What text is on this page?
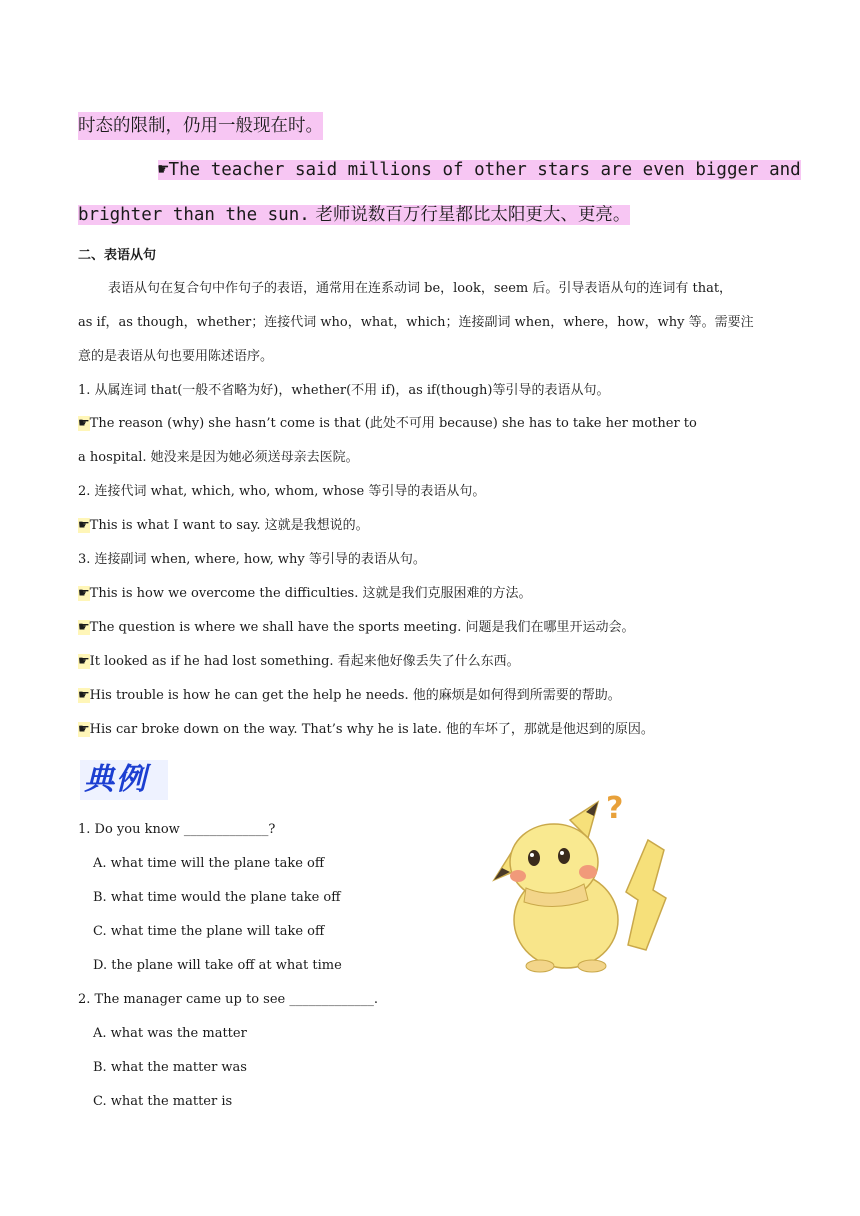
时态的限制，仍用一般现在时。
☛The teacher said millions of other stars are even bigger and
brighter than the sun. 老师说数百万行星都比太阳更大、更亮。
二、表语从句
表语从句在复合句中作句子的表语，通常用在连系动词 be，look，seem 后。引导表语从句的连词有 that，
as if，as though，whether；连接代词 who，what，which；连接副词 when，where，how，why 等。需要注
意的是表语从句也要用陈述语序。
1. 从属连词 that(一般不省略为好)，whether(不用 if)，as if(though)等引导的表语从句。
☛The reason (why) she hasn’t come is that (此处不可用 because) she has to take her mother to
a hospital. 她没来是因为她必须送母亲去医院。
2. 连接代词 what, which, who, whom, whose 等引导的表语从句。
☛This is what I want to say. 这就是我想说的。
3. 连接副词 when, where, how, why 等引导的表语从句。
☛This is how we overcome the difficulties. 这就是我们克服困难的方法。
☛The question is where we shall have the sports meeting. 问题是我们在哪里开运动会。
☛It looked as if he had lost something. 看起来他好像丢失了什么东西。
☛His trouble is how he can get the help he needs. 他的麻烦是如何得到所需要的帮助。
☛His car broke down on the way. That’s why he is late. 他的车坏了，那就是他迟到的原因。
典例
1. Do you know _____________?
A. what time will the plane take off
B. what time would the plane take off
C. what time the plane will take off
D. the plane will take off at what time
2. The manager came up to see _____________.
A. what was the matter
B. what the matter was
C. what the matter is
?
